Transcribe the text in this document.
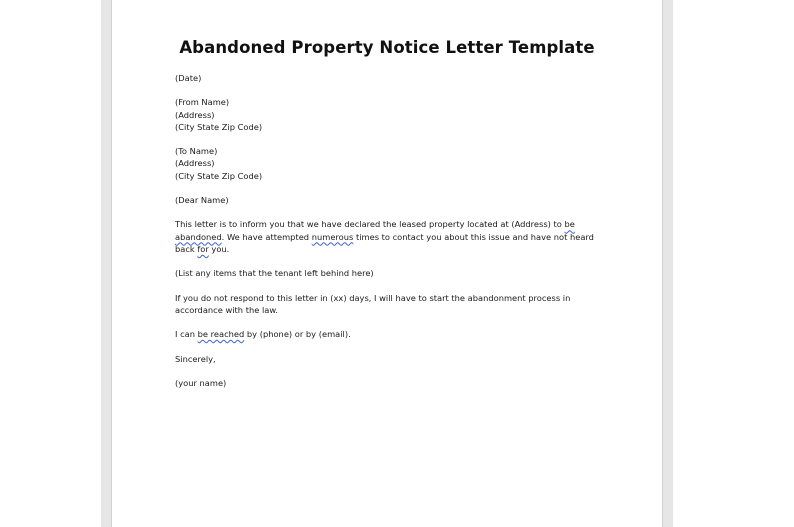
Abandoned Property Notice Letter Template
(Date)
(From Name)
(Address)
(City State Zip Code)
(To Name)
(Address)
(City State Zip Code)
(Dear Name)
This letter is to inform you that we have declared the leased property located at (Address) to be
abandoned. We have attempted numerous times to contact you about this issue and have not heard
back for you.
(List any items that the tenant left behind here)
If you do not respond to this letter in (xx) days, I will have to start the abandonment process in
accordance with the law.
I can be reached by (phone) or by (email).
Sincerely,
(your name)
